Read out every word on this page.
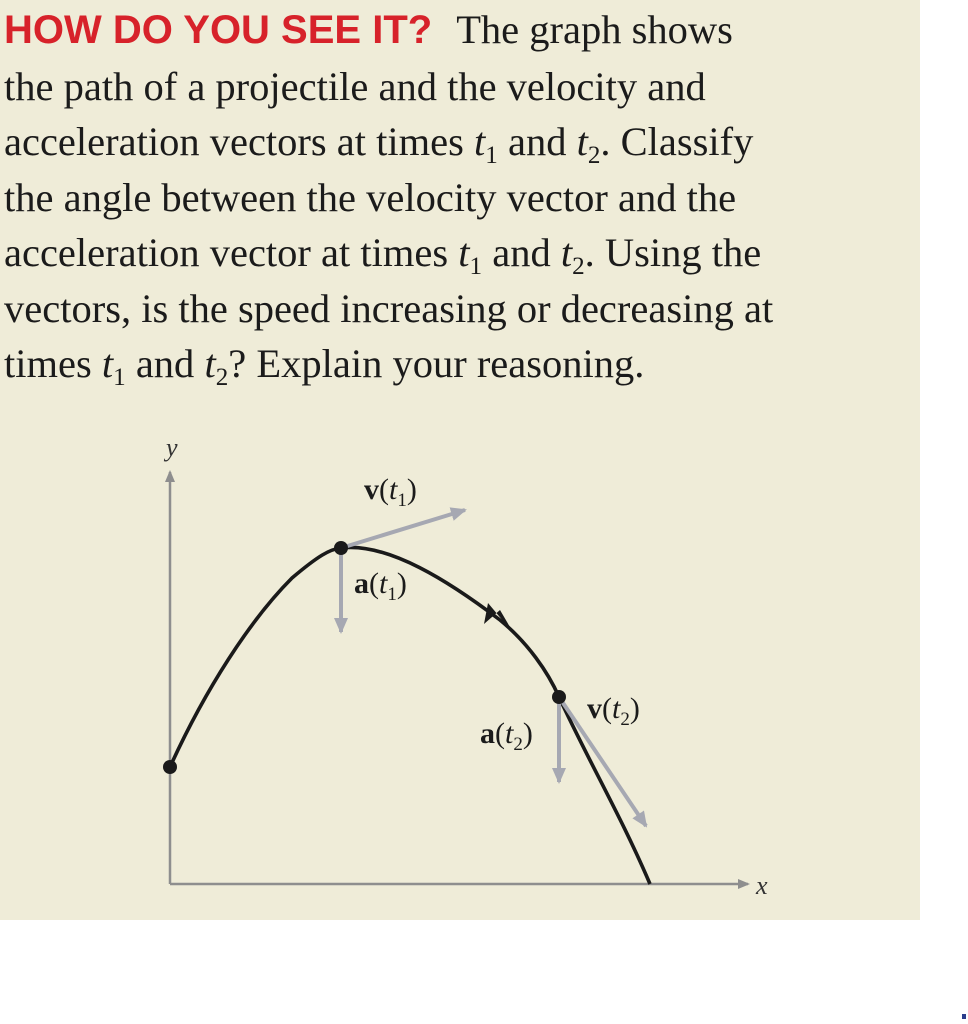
HOW DO YOU SEE IT? The graph shows
the path of a projectile and the velocity and
acceleration vectors at times $t_1$ and $t_2$. Classify
the angle between the velocity vector and the
acceleration vector at times $t_1$ and $t_2$. Using the
vectors, is the speed increasing or decreasing at
times $t_1$ and $t_2$? Explain your reasoning.
y
x
$v(t_1)$
$a(t_1)$
$v(t_2)$
$a(t_2)$
